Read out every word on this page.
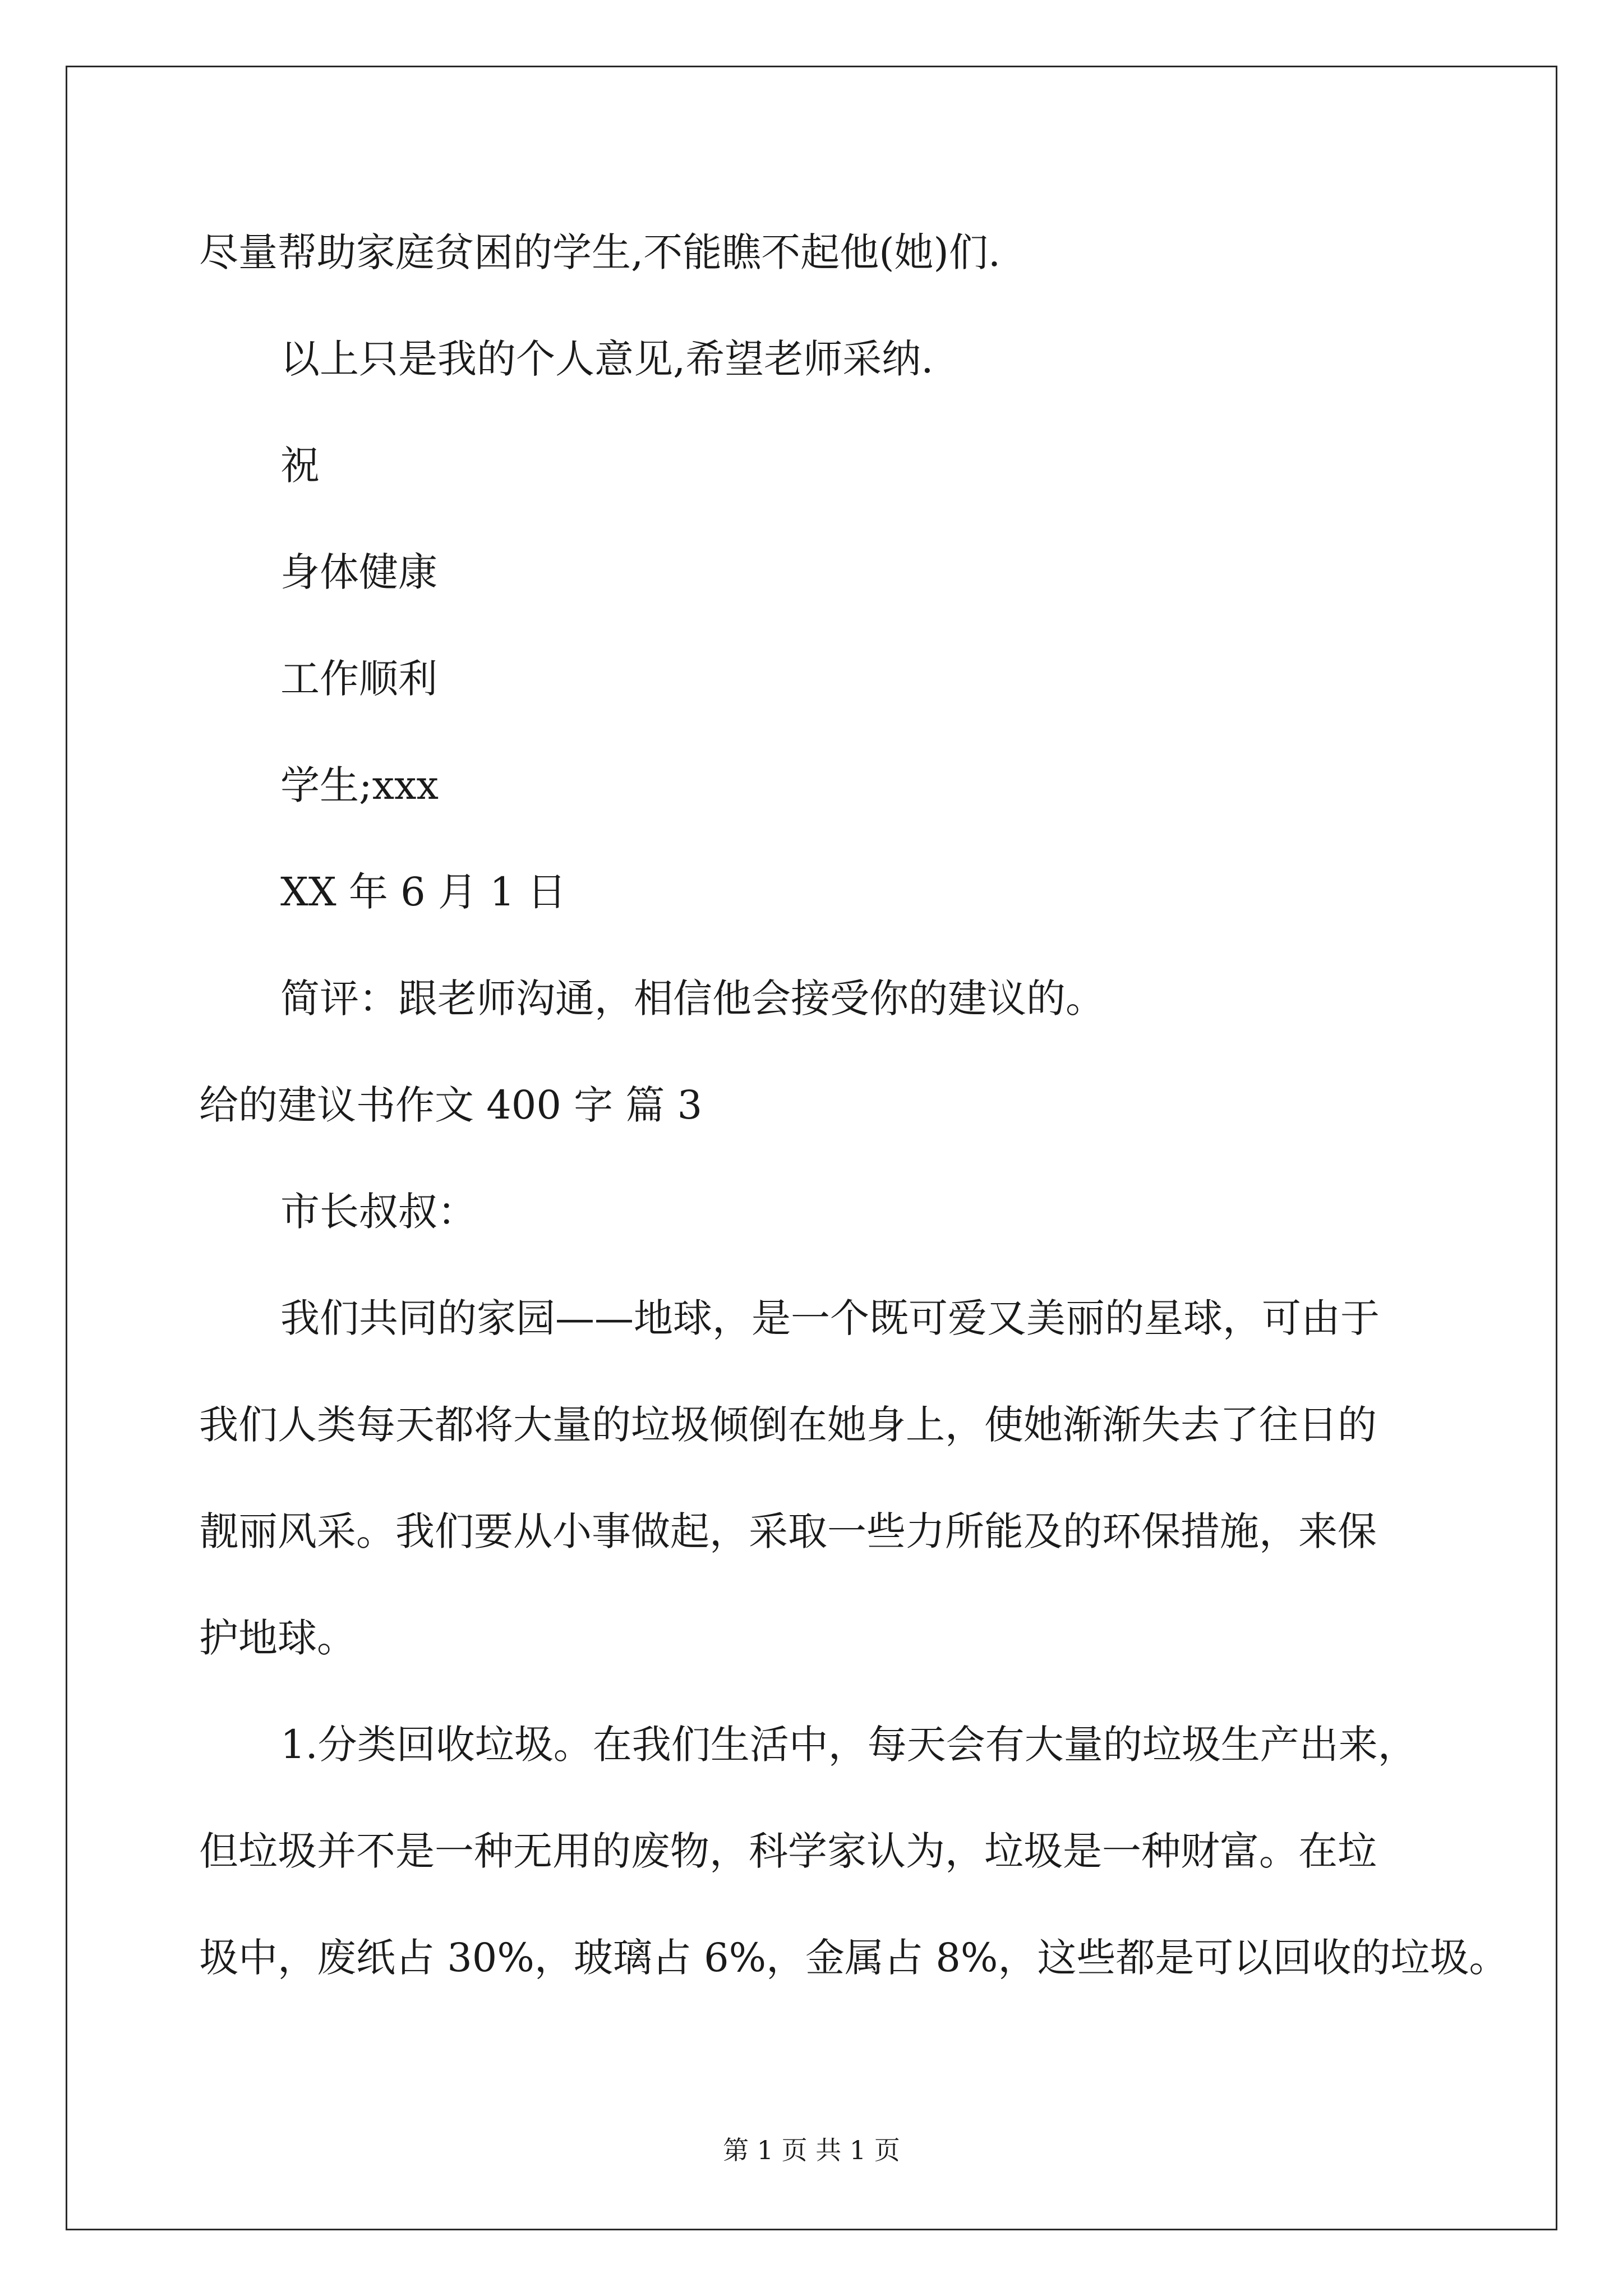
尽量帮助家庭贫困的学生,不能瞧不起他(她)们.
以上只是我的个人意见,希望老师采纳.
祝
身体健康
工作顺利
学生;xxx
XX 年 6 月 1 日
简评：跟老师沟通，相信他会接受你的建议的。
给的建议书作文 400 字 篇 3
市长叔叔：
我们共同的家园——地球，是一个既可爱又美丽的星球，可由于
我们人类每天都将大量的垃圾倾倒在她身上，使她渐渐失去了往日的
靓丽风采。我们要从小事做起，采取一些力所能及的环保措施，来保
护地球。
1.分类回收垃圾。在我们生活中，每天会有大量的垃圾生产出来，
但垃圾并不是一种无用的废物，科学家认为，垃圾是一种财富。在垃
圾中，废纸占 30%，玻璃占 6%，金属占 8%，这些都是可以回收的垃圾。
第 1 页 共 1 页
